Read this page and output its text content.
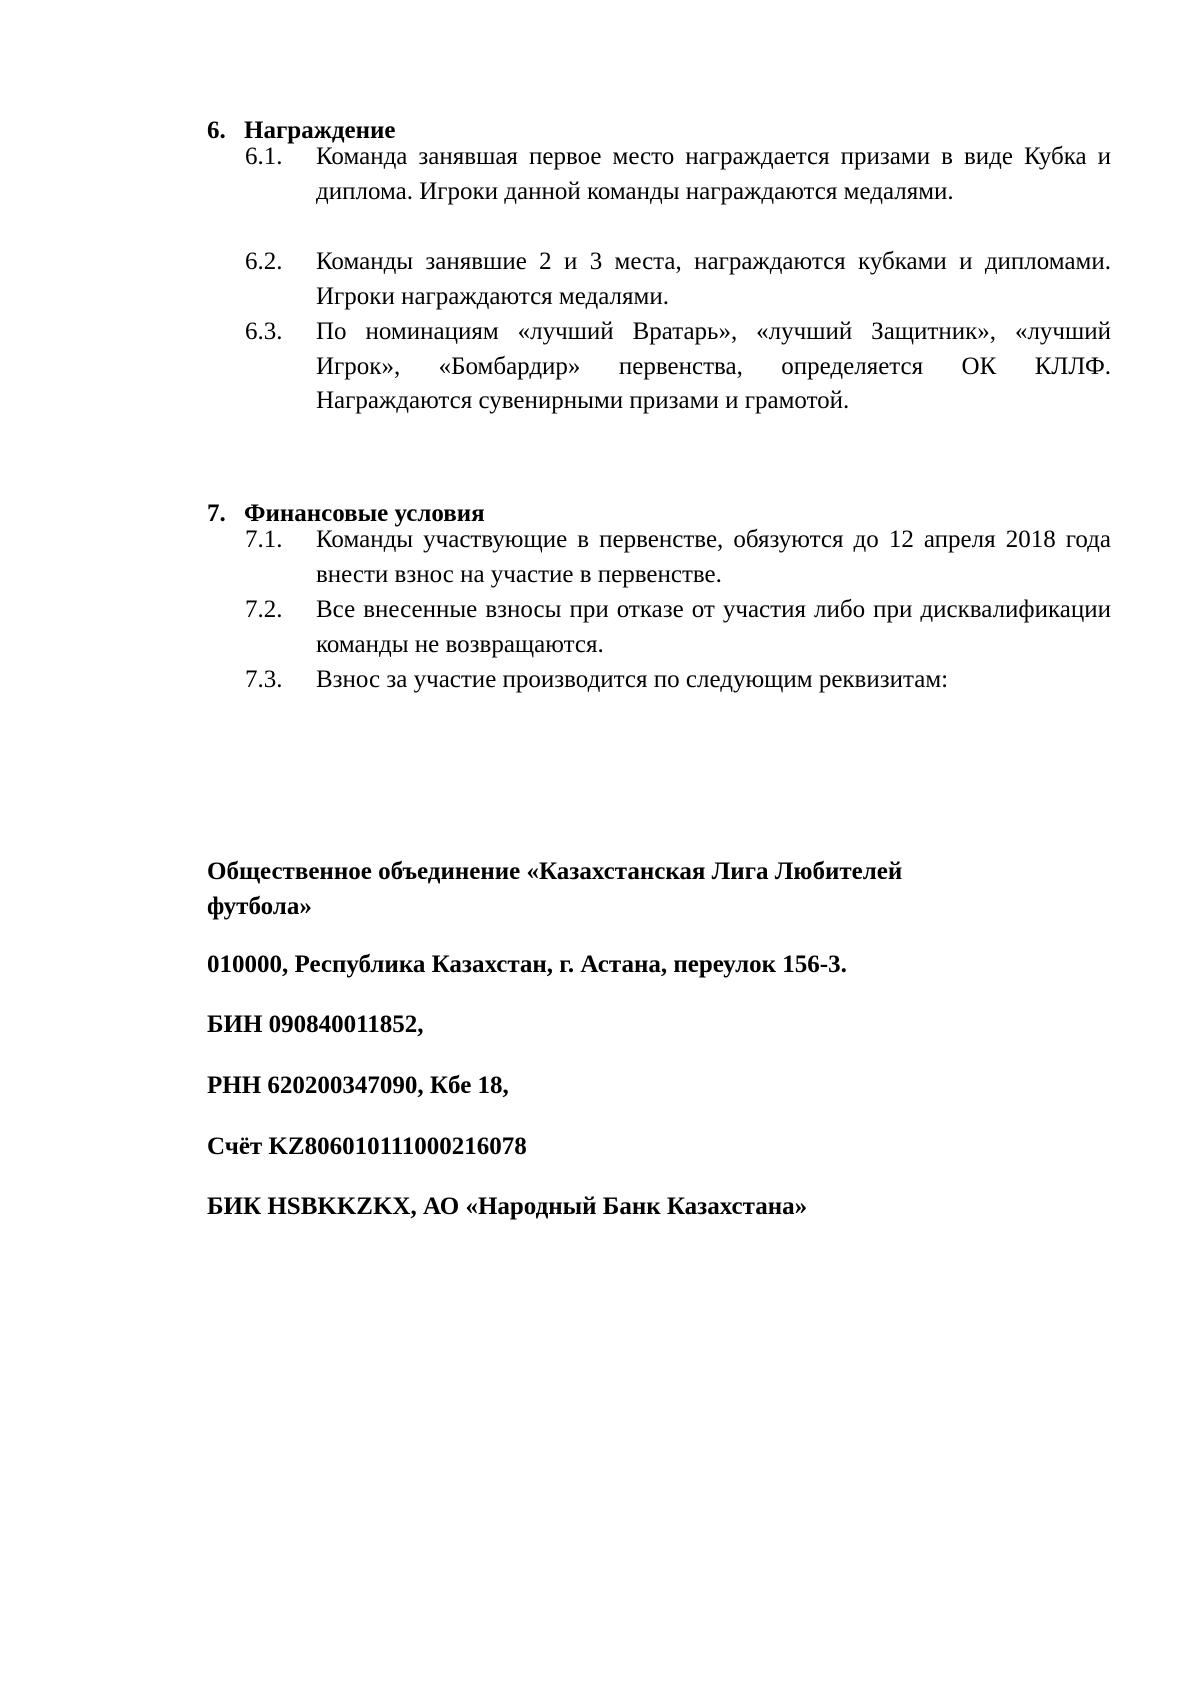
6. Награждение
6.1. Команда занявшая первое место награждается призами в виде Кубка и диплома. Игроки данной команды награждаются медалями.
6.2. Команды занявшие 2 и 3 места, награждаются кубками и дипломами. Игроки награждаются медалями.
6.3. По номинациям «лучший Вратарь», «лучший Защитник», «лучший Игрок», «Бомбардир» первенства, определяется ОК КЛЛФ. Награждаются сувенирными призами и грамотой.
7. Финансовые условия
7.1. Команды участвующие в первенстве, обязуются до 12 апреля 2018 года внести взнос на участие в первенстве.
7.2. Все внесенные взносы при отказе от участия либо при дисквалификации команды не возвращаются.
7.3. Взнос за участие производится по следующим реквизитам:
Общественное объединение «Казахстанская Лига Любителей
футбола»
010000, Республика Казахстан, г. Астана, переулок 156-3.
БИН 090840011852,
РНН 620200347090, Кбе 18,
Счёт KZ806010111000216078
БИК HSBKKZKX, АО «Народный Банк Казахстана»
